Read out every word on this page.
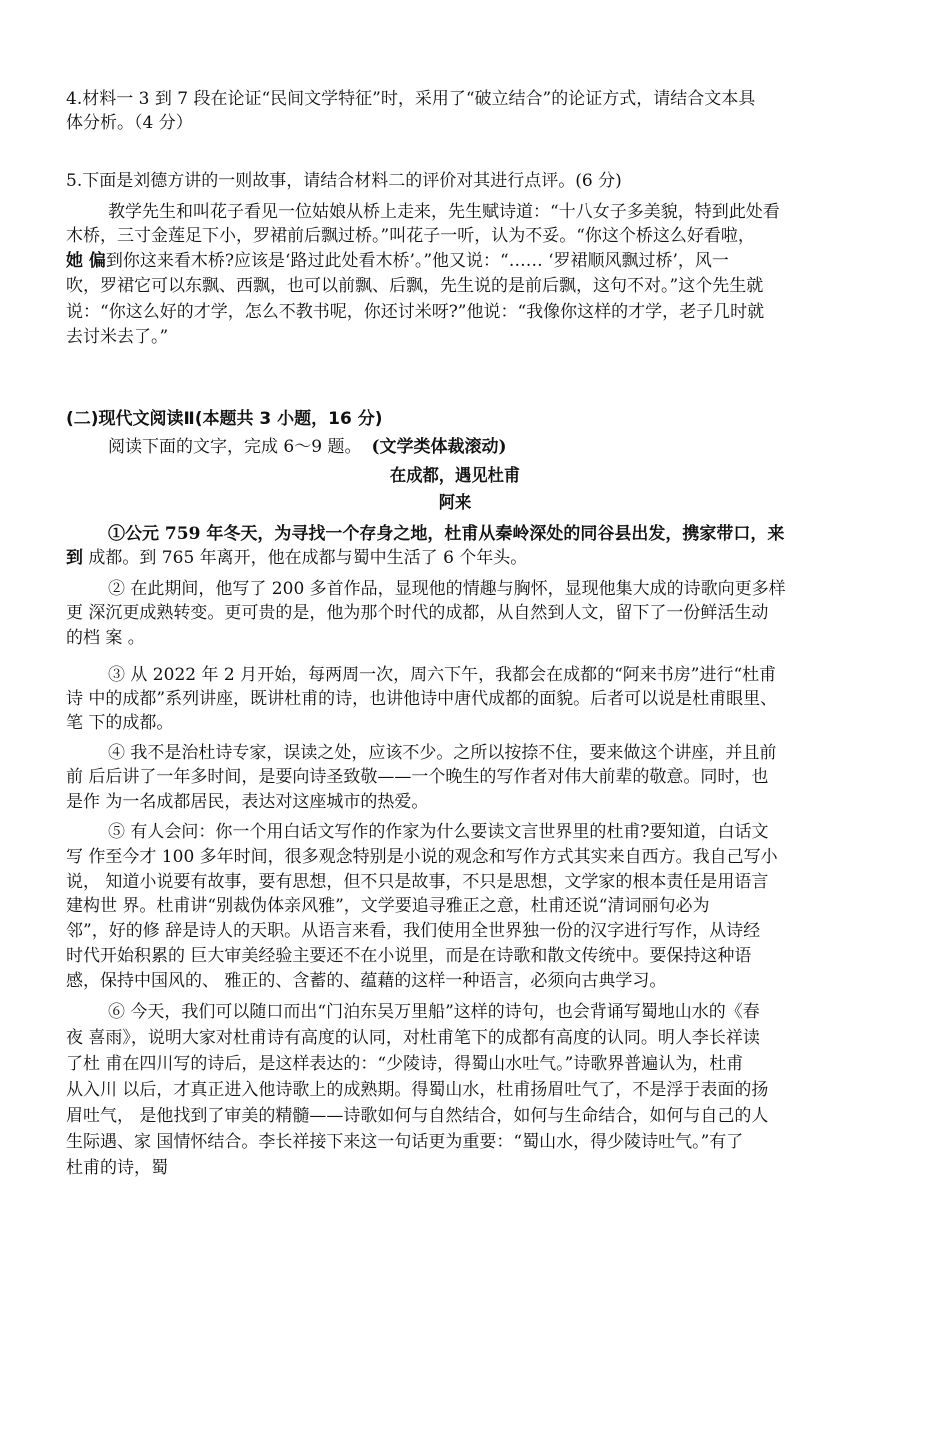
4.材料一 3 到 7 段在论证“民间文学特征”时，采用了“破立结合”的论证方式，请结合文本具
体分析。（4 分）
5.下面是刘德方讲的一则故事，请结合材料二的评价对其进行点评。(6 分)
教学先生和叫花子看见一位姑娘从桥上走来，先生赋诗道：“十八女子多美貌，特到此处看
木桥，三寸金莲足下小，罗裙前后飘过桥。”叫花子一听，认为不妥。“你这个桥这么好看啦，
她 偏到你这来看木桥?应该是‘路过此处看木桥’。”他又说：“…… ‘罗裙顺风飘过桥’，风一
吹，罗裙它可以东飘、西飘，也可以前飘、后飘，先生说的是前后飘，这句不对。”这个先生就
说：“你这么好的才学，怎么不教书呢，你还讨米呀?”他说：“我像你这样的才学，老子几时就
去讨米去了。”
(二)现代文阅读Ⅱ(本题共 3 小题，16 分)
阅读下面的文字，完成 6～9 题。 (文学类体裁滚动)
在成都，遇见杜甫
阿来
①公元 759 年冬天，为寻找一个存身之地，杜甫从秦岭深处的同谷县出发，携家带口，来
到 成都。到 765 年离开，他在成都与蜀中生活了 6 个年头。
② 在此期间，他写了 200 多首作品，显现他的情趣与胸怀，显现他集大成的诗歌向更多样
更 深沉更成熟转变。更可贵的是，他为那个时代的成都，从自然到人文，留下了一份鲜活生动
的档 案 。
③ 从 2022 年 2 月开始，每两周一次，周六下午，我都会在成都的“阿来书房”进行“杜甫
诗 中的成都”系列讲座，既讲杜甫的诗，也讲他诗中唐代成都的面貌。后者可以说是杜甫眼里、
笔 下的成都。
④ 我不是治杜诗专家，误读之处，应该不少。之所以按捺不住，要来做这个讲座，并且前
前 后后讲了一年多时间，是要向诗圣致敬——一个晚生的写作者对伟大前辈的敬意。同时，也
是作 为一名成都居民，表达对这座城市的热爱。
⑤ 有人会问：你一个用白话文写作的作家为什么要读文言世界里的杜甫?要知道，白话文
写 作至今才 100 多年时间，很多观念特别是小说的观念和写作方式其实来自西方。我自己写小
说， 知道小说要有故事，要有思想，但不只是故事，不只是思想，文学家的根本责任是用语言
建构世 界。杜甫讲“别裁伪体亲风雅”，文学要追寻雅正之意，杜甫还说“清词丽句必为
邻”，好的修 辞是诗人的天职。从语言来看，我们使用全世界独一份的汉字进行写作，从诗经
时代开始积累的 巨大审美经验主要还不在小说里，而是在诗歌和散文传统中。要保持这种语
感，保持中国风的、 雅正的、含蓄的、蕴藉的这样一种语言，必须向古典学习。
⑥ 今天，我们可以随口而出“门泊东吴万里船”这样的诗句，也会背诵写蜀地山水的《春
夜 喜雨》，说明大家对杜甫诗有高度的认同，对杜甫笔下的成都有高度的认同。明人李长祥读
了杜 甫在四川写的诗后，是这样表达的：“少陵诗，得蜀山水吐气。”诗歌界普遍认为，杜甫
从入川 以后，才真正进入他诗歌上的成熟期。得蜀山水，杜甫扬眉吐气了，不是浮于表面的扬
眉吐气， 是他找到了审美的精髓——诗歌如何与自然结合，如何与生命结合，如何与自己的人
生际遇、家 国情怀结合。李长祥接下来这一句话更为重要：“蜀山水，得少陵诗吐气。”有了
杜甫的诗，蜀
